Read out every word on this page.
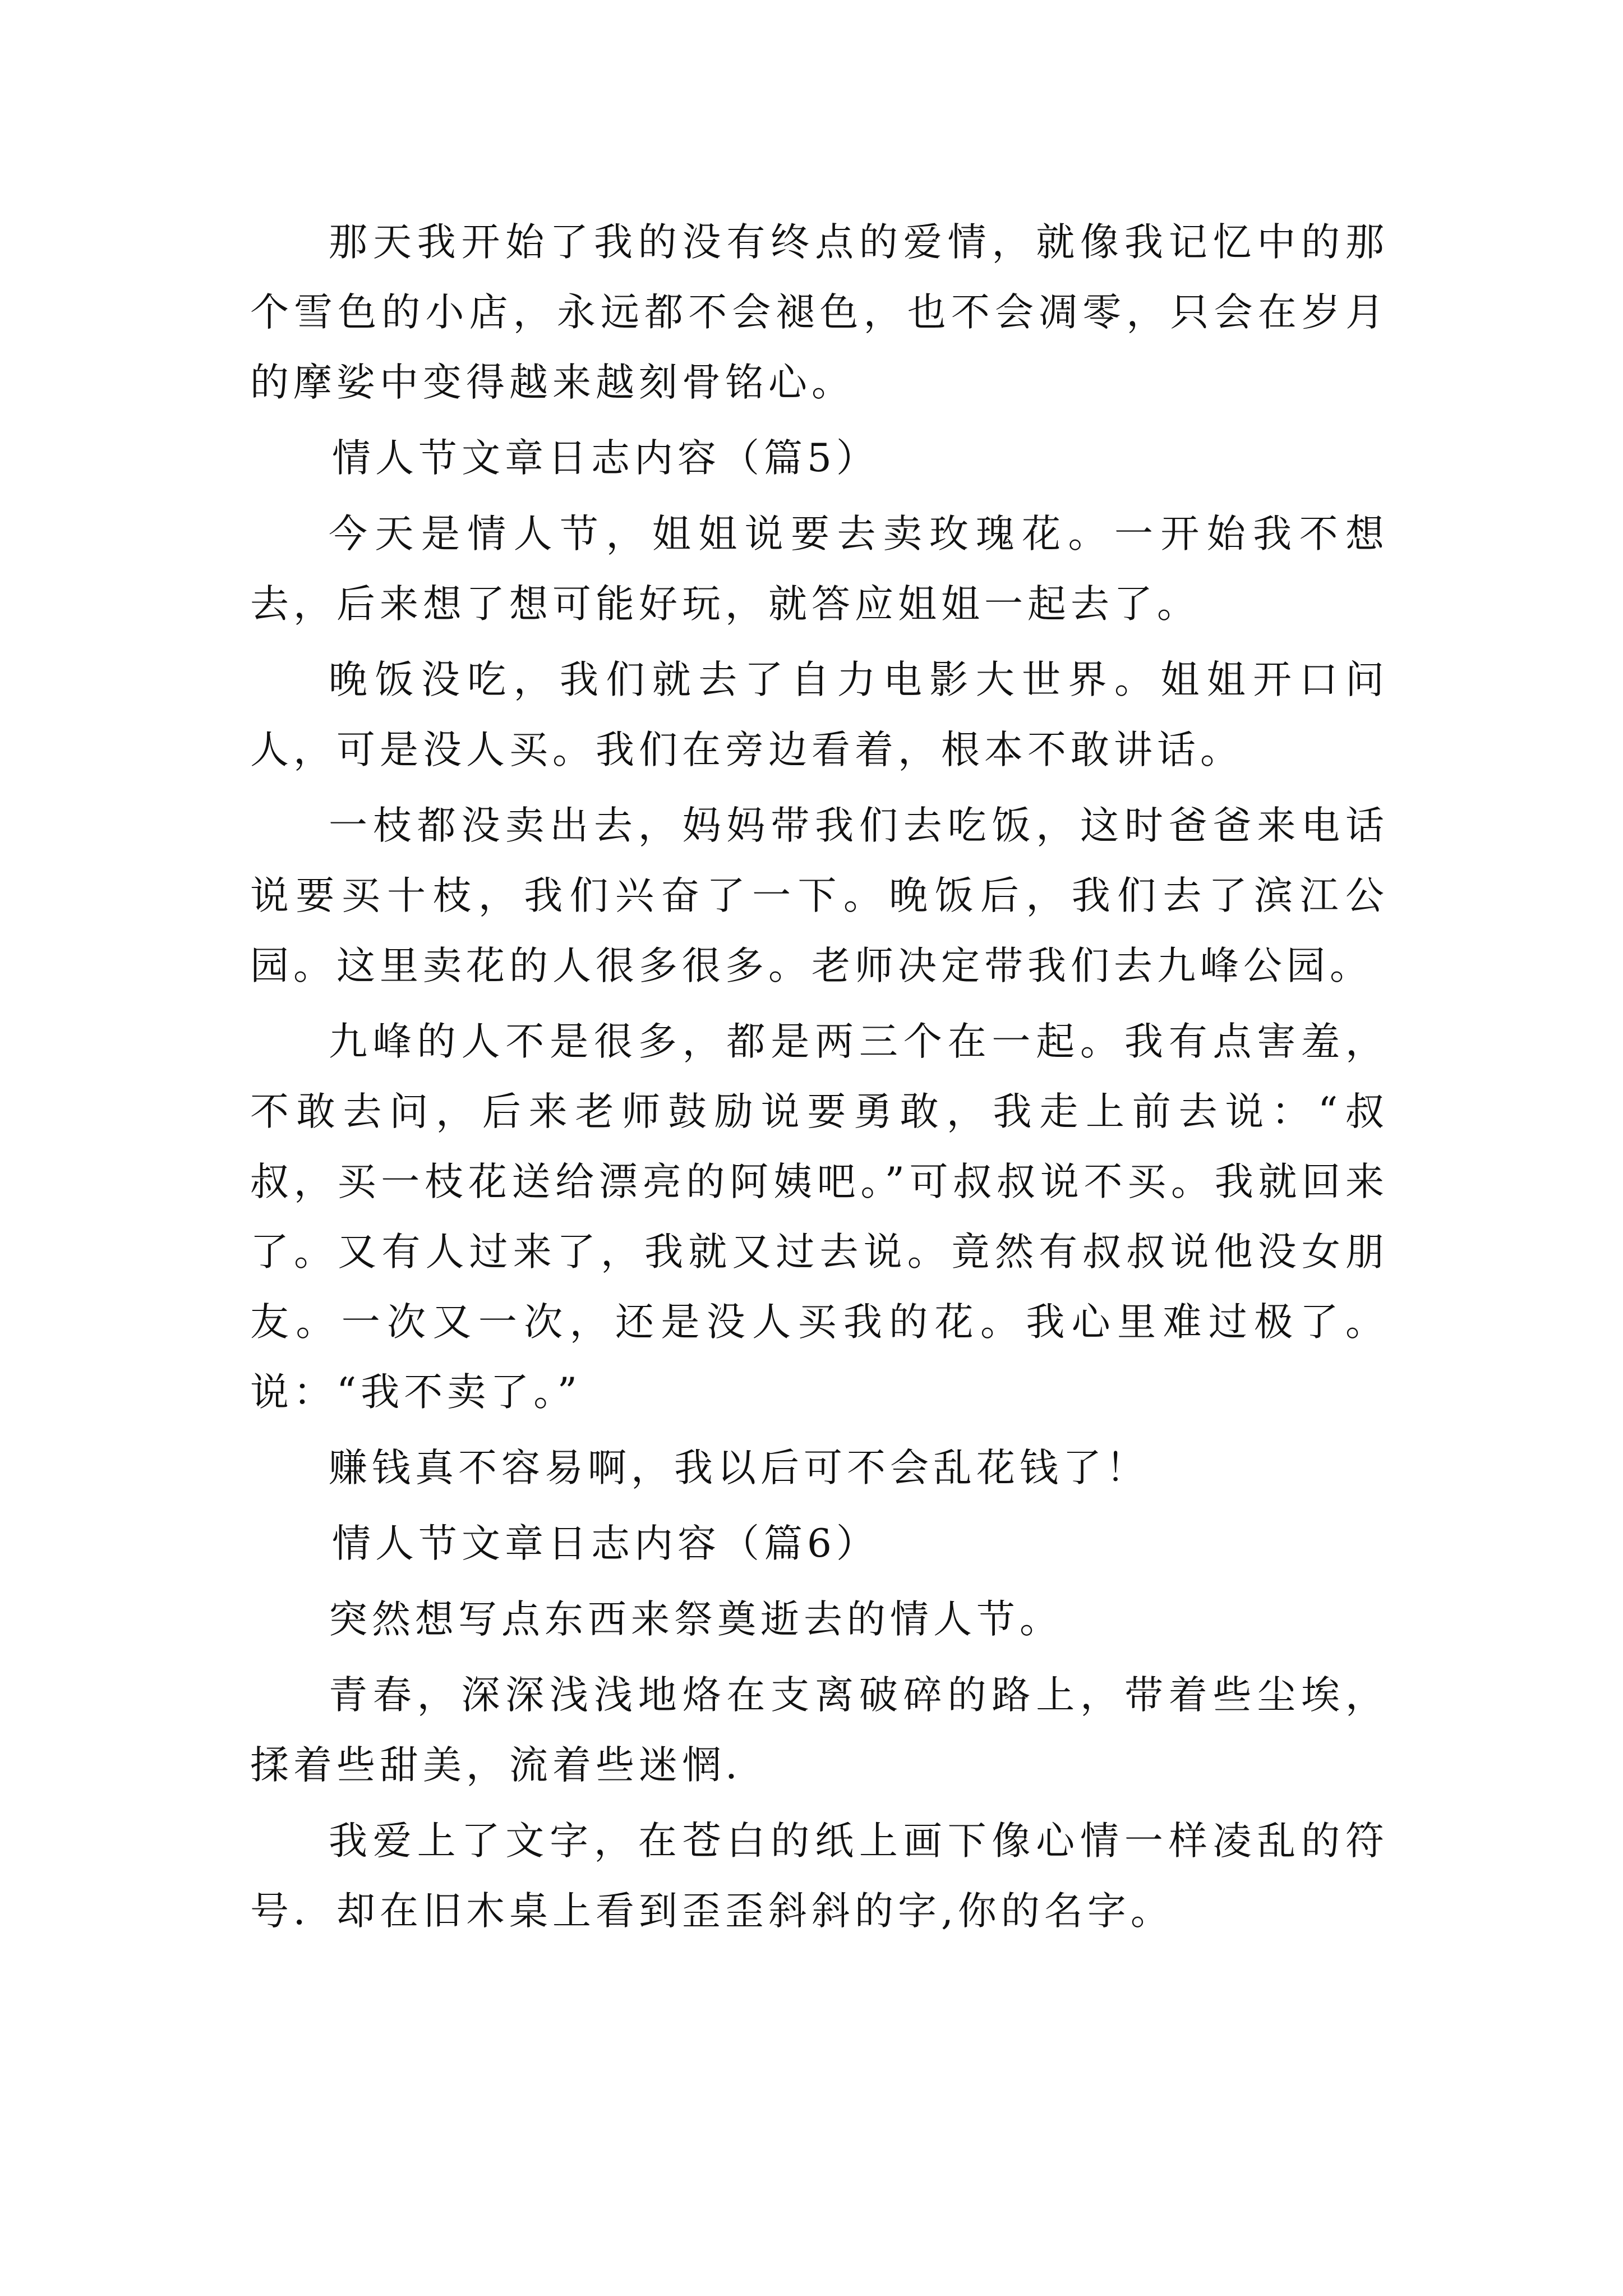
那天我开始了我的没有终点的爱情，就像我记忆中的那个雪色的小店，永远都不会褪色，也不会凋零，只会在岁月的摩娑中变得越来越刻骨铭心。

情人节文章日志内容（篇5）

今天是情人节，姐姐说要去卖玫瑰花。一开始我不想去，后来想了想可能好玩，就答应姐姐一起去了。

晚饭没吃，我们就去了自力电影大世界。姐姐开口问人，可是没人买。我们在旁边看着，根本不敢讲话。

一枝都没卖出去，妈妈带我们去吃饭，这时爸爸来电话说要买十枝，我们兴奋了一下。晚饭后，我们去了滨江公园。这里卖花的人很多很多。老师决定带我们去九峰公园。

九峰的人不是很多，都是两三个在一起。我有点害羞，不敢去问，后来老师鼓励说要勇敢，我走上前去说：“叔叔，买一枝花送给漂亮的阿姨吧。”可叔叔说不买。我就回来了。又有人过来了，我就又过去说。竟然有叔叔说他没女朋友。一次又一次，还是没人买我的花。我心里难过极了。说：“我不卖了。”

赚钱真不容易啊，我以后可不会乱花钱了！

情人节文章日志内容（篇6）

突然想写点东西来祭奠逝去的情人节。

青春，深深浅浅地烙在支离破碎的路上，带着些尘埃，揉着些甜美，流着些迷惘.

我爱上了文字，在苍白的纸上画下像心情一样凌乱的符号．却在旧木桌上看到歪歪斜斜的字,你的名字。
